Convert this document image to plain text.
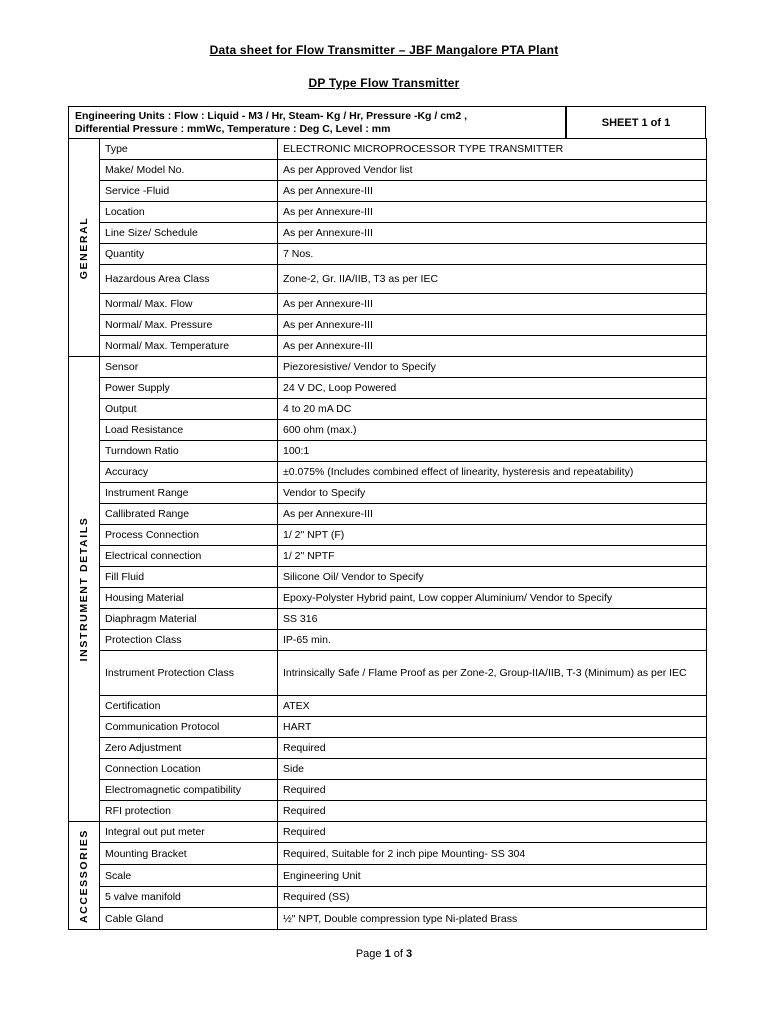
Data sheet for Flow Transmitter – JBF Mangalore PTA Plant
DP Type Flow Transmitter
Engineering Units : Flow : Liquid - M3 / Hr, Steam- Kg / Hr, Pressure -Kg / cm2 ,
Differential Pressure : mmWc, Temperature : Deg C, Level : mm
SHEET 1 of 1
GENERAL	Type	ELECTRONIC MICROPROCESSOR TYPE TRANSMITTER
	Make/ Model No.	As per Approved Vendor list
	Service -Fluid	As per Annexure-III
	Location	As per Annexure-III
	Line Size/ Schedule	As per Annexure-III
	Quantity	7 Nos.
	Hazardous Area Class	Zone-2, Gr. IIA/IIB, T3 as per IEC
	Normal/ Max. Flow	As per Annexure-III
	Normal/ Max. Pressure	As per Annexure-III
	Normal/ Max. Temperature	As per Annexure-III

INSTRUMENT DETAILS	Sensor	Piezoresistive/ Vendor to Specify
	Power Supply	24 V DC, Loop Powered
	Output	4 to 20 mA DC
	Load Resistance	600 ohm (max.)
	Turndown Ratio	100:1
	Accuracy	±0.075% (Includes combined effect of linearity, hysteresis and repeatability)
	Instrument Range	Vendor to Specify
	Callibrated Range	As per Annexure-III
	Process Connection	1/ 2" NPT (F)
	Electrical connection	1/ 2" NPTF
	Fill Fluid	Silicone Oil/ Vendor to Specify
	Housing Material	Epoxy-Polyster Hybrid paint, Low copper Aluminium/ Vendor to Specify
	Diaphragm Material	SS 316
	Protection Class	IP-65 min.
	Instrument Protection Class	Intrinsically Safe / Flame Proof as per Zone-2, Group-IIA/IIB, T-3 (Minimum) as per IEC
	Certification	ATEX
	Communication Protocol	HART
	Zero Adjustment	Required
	Connection Location	Side
	Electromagnetic compatibility	Required
	RFI protection	Required

ACCESSORIES	Integral out put meter	Required
	Mounting Bracket	Required, Suitable for 2 inch pipe Mounting- SS 304
	Scale	Engineering Unit
	5 valve manifold	Required (SS)
	Cable Gland	½" NPT, Double compression type Ni-plated Brass
Page 1 of 3
